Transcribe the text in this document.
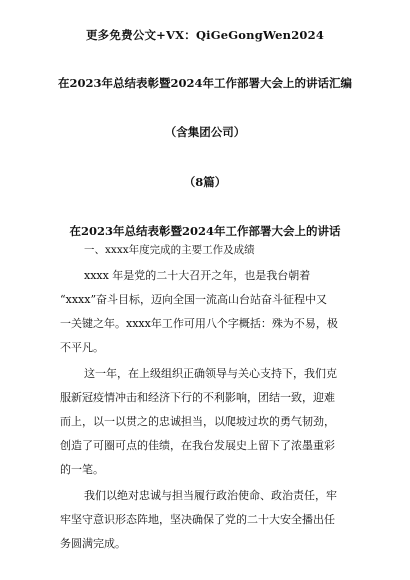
更多免费公文+VX：QiGeGongWen2024
在2023年总结表彰暨2024年工作部署大会上的讲话汇编
（含集团公司）
（8篇）
在2023年总结表彰暨2024年工作部署大会上的讲话
一、xxxx年度完成的主要工作及成绩
xxxx 年是党的二十大召开之年，也是我台朝着
“xxxx”奋斗目标，迈向全国一流高山台站奋斗征程中又
一关键之年。xxxx年工作可用八个字概括：殊为不易，极
不平凡。
这一年，在上级组织正确领导与关心支持下，我们克
服新冠疫情冲击和经济下行的不利影响，团结一致，迎难
而上，以一以贯之的忠诚担当，以爬坡过坎的勇气韧劲，
创造了可圈可点的佳绩，在我台发展史上留下了浓墨重彩
的一笔。
我们以绝对忠诚与担当履行政治使命、政治责任，牢
牢坚守意识形态阵地，坚决确保了党的二十大安全播出任
务圆满完成。
